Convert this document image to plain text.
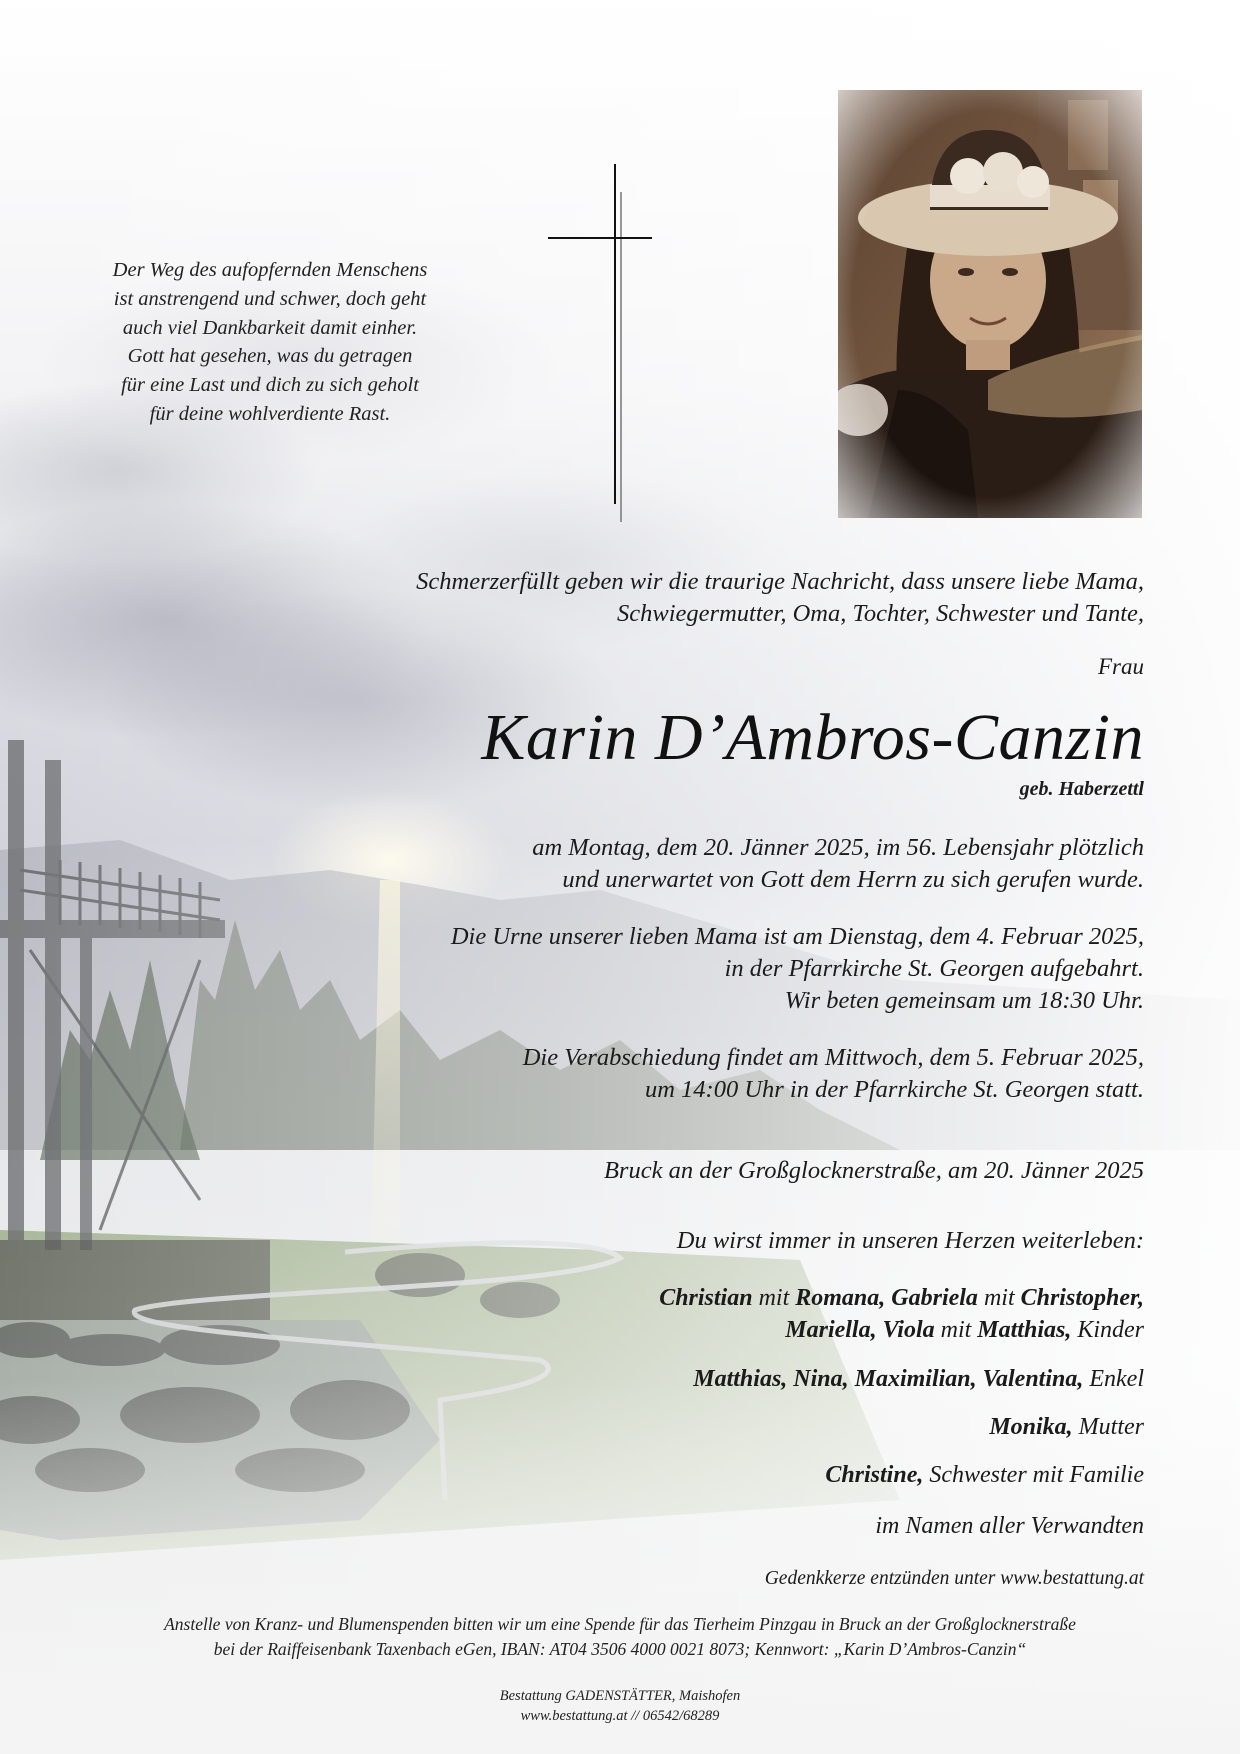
Der Weg des aufopfernden Menschens
ist anstrengend und schwer, doch geht
auch viel Dankbarkeit damit einher.
Gott hat gesehen, was du getragen
für eine Last und dich zu sich geholt
für deine wohlverdiente Rast.
Schmerzerfüllt geben wir die traurige Nachricht, dass unsere liebe Mama,
Schwiegermutter, Oma, Tochter, Schwester und Tante,
Frau
Karin D’Ambros-Canzin
geb. Haberzettl
am Montag, dem 20. Jänner 2025, im 56. Lebensjahr plötzlich
und unerwartet von Gott dem Herrn zu sich gerufen wurde.
Die Urne unserer lieben Mama ist am Dienstag, dem 4. Februar 2025,
in der Pfarrkirche St. Georgen aufgebahrt.
Wir beten gemeinsam um 18:30 Uhr.
Die Verabschiedung findet am Mittwoch, dem 5. Februar 2025,
um 14:00 Uhr in der Pfarrkirche St. Georgen statt.
Bruck an der Großglocknerstraße, am 20. Jänner 2025
Du wirst immer in unseren Herzen weiterleben:
Christian mit Romana, Gabriela mit Christopher,
Mariella, Viola mit Matthias, Kinder
Matthias, Nina, Maximilian, Valentina, Enkel
Monika, Mutter
Christine, Schwester mit Familie
im Namen aller Verwandten
Gedenkkerze entzünden unter www.bestattung.at
Anstelle von Kranz- und Blumenspenden bitten wir um eine Spende für das Tierheim Pinzgau in Bruck an der Großglocknerstraße
bei der Raiffeisenbank Taxenbach eGen, IBAN: AT04 3506 4000 0021 8073; Kennwort: „Karin D’Ambros-Canzin“
Bestattung GADENSTÄTTER, Maishofen
www.bestattung.at // 06542/68289
